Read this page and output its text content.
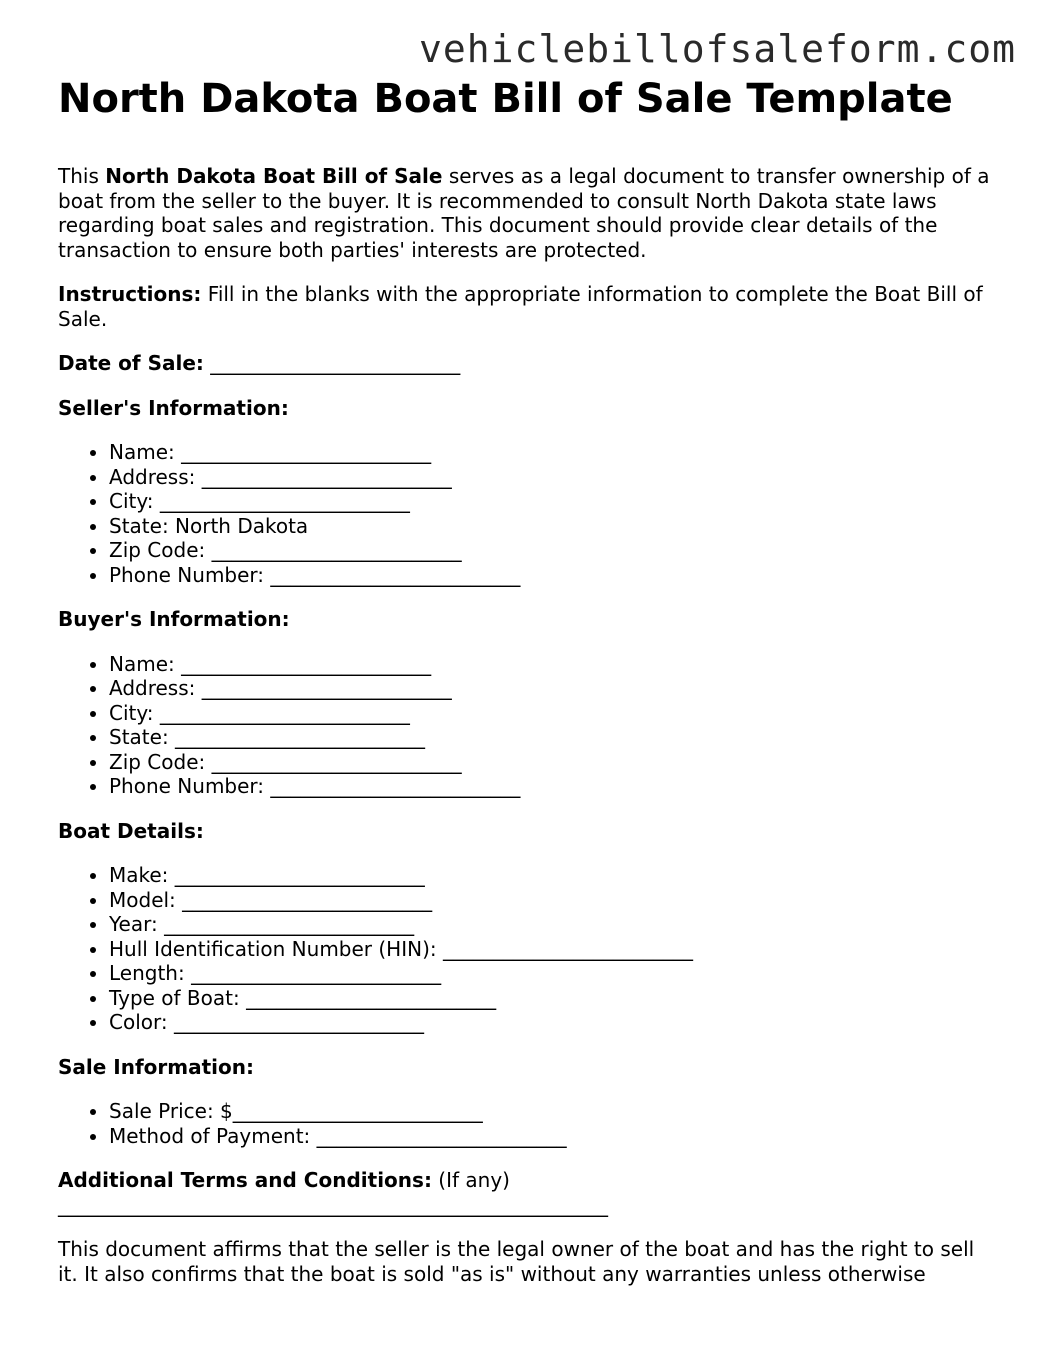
vehiclebillofsaleform.com
North Dakota Boat Bill of Sale Template

This North Dakota Boat Bill of Sale serves as a legal document to transfer ownership of a boat from the seller to the buyer. It is recommended to consult North Dakota state laws regarding boat sales and registration. This document should provide clear details of the transaction to ensure both parties' interests are protected.

Instructions: Fill in the blanks with the appropriate information to complete the Boat Bill of Sale.

Date of Sale: _________________________

Seller's Information:
• Name: _____
• Address: _____
• City: _____
• State: North Dakota
• Zip Code: _____
• Phone Number: _____
Buyer's Information:
• Name: _____
• Address: _____
• City: _____
• State: _____
• Zip Code: _____
• Phone Number: _____
Boat Details:
• Make: _____
• Model: _____
• Year: _____
• Hull Identification Number (HIN): _____
• Length: _____
• Type of Boat: _____
• Color: _____
Sale Information:
• Sale Price: $ _____
• Method of Payment: _____

Additional Terms and Conditions: (If any)
_______________________________________________________

This document affirms that the seller is the legal owner of the boat and has the right to sell it. It also confirms that the boat is sold "as is" without any warranties unless otherwise
